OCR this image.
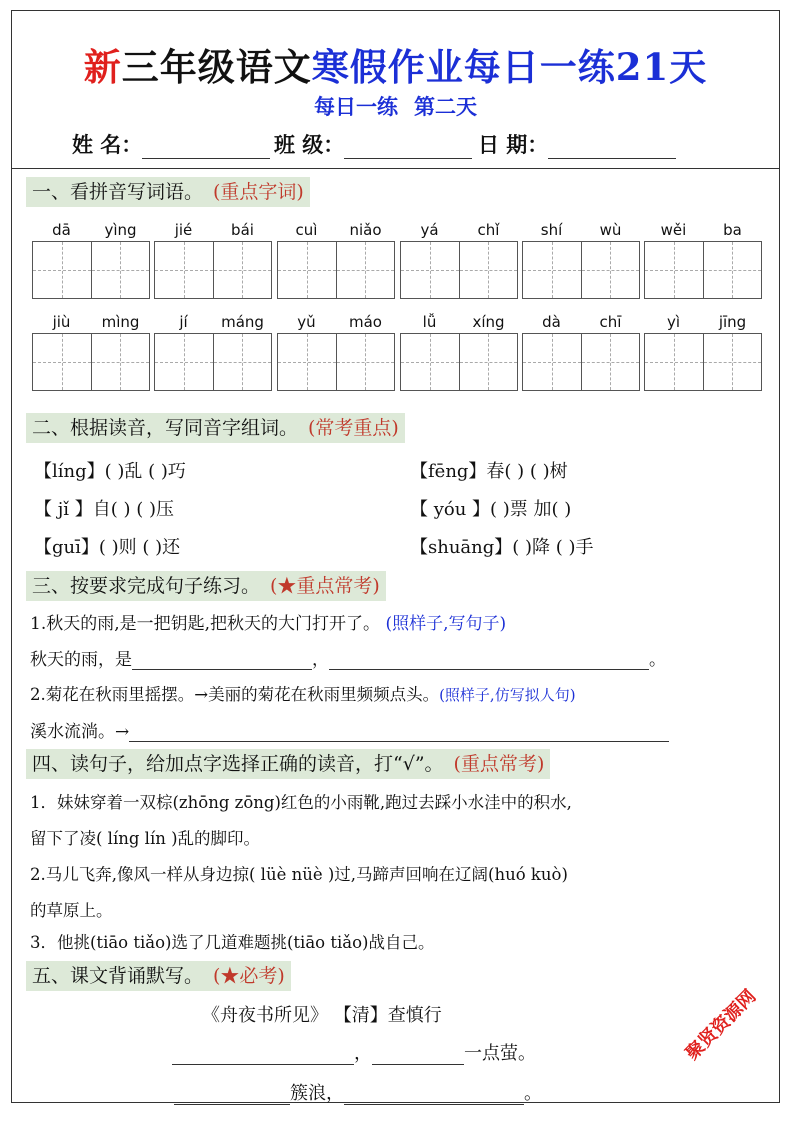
新三年级语文寒假作业每日一练21天
每日一练 第二天
姓 名：	班 级：	日 期：
一、看拼音写词语。 (重点字词)
二、根据读音，写同音字组词。 (常考重点)
【líng】( )乱 ( )巧	【fēng】春( ) ( )树
【 jǐ 】自( ) ( )压	【 yóu 】( )票 加( )
【guī】( )则 ( )还	【shuāng】( )降 ( )手
三、按要求完成句子练习。 (★重点常考)
1.秋天的雨,是一把钥匙,把秋天的大门打开了。 (照样子,写句子)
秋天的雨，是	，	。
2.菊花在秋雨里摇摆。→美丽的菊花在秋雨里频频点头。(照样子,仿写拟人句)
溪水流淌。→
四、读句子，给加点字选择正确的读音，打“√”。 (重点常考)
1．妹妹穿着一双棕(zhōng zōng)红色的小雨靴,跑过去踩小水洼中的积水,
留下了凌( líng lín )乱的脚印。
2.马儿飞奔,像风一样从身边掠( lüè nüè )过,马蹄声回响在辽阔(huó kuò)
的草原上。
3．他挑(tiāo tiǎo)选了几道难题挑(tiāo tiǎo)战自己。
五、课文背诵默写。 (★必考)
《舟夜书所见》 【清】查慎行
，	一点萤。
簇浪，	。
聚贤资源网
dā	yìng	jié	bái	cuì	niǎo	yá	chǐ	shí	wù	wěi	ba
jiù	mìng	jí	máng	yǔ	máo	lǚ	xíng	dà	chī	yì	jīng
